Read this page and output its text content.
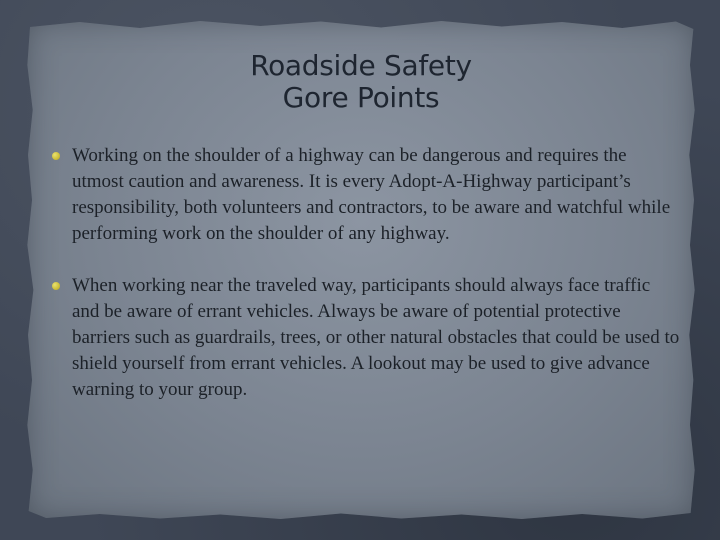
Roadside Safety
Gore Points
Working on the shoulder of a highway can be dangerous and requires the utmost caution and awareness. It is every Adopt-A-Highway participant’s responsibility, both volunteers and contractors, to be aware and watchful while performing work on the shoulder of any highway.
When working near the traveled way, participants should always face traffic and be aware of errant vehicles. Always be aware of potential protective barriers such as guardrails, trees, or other natural obstacles that could be used to shield yourself from errant vehicles. A lookout may be used to give advance warning to your group.
